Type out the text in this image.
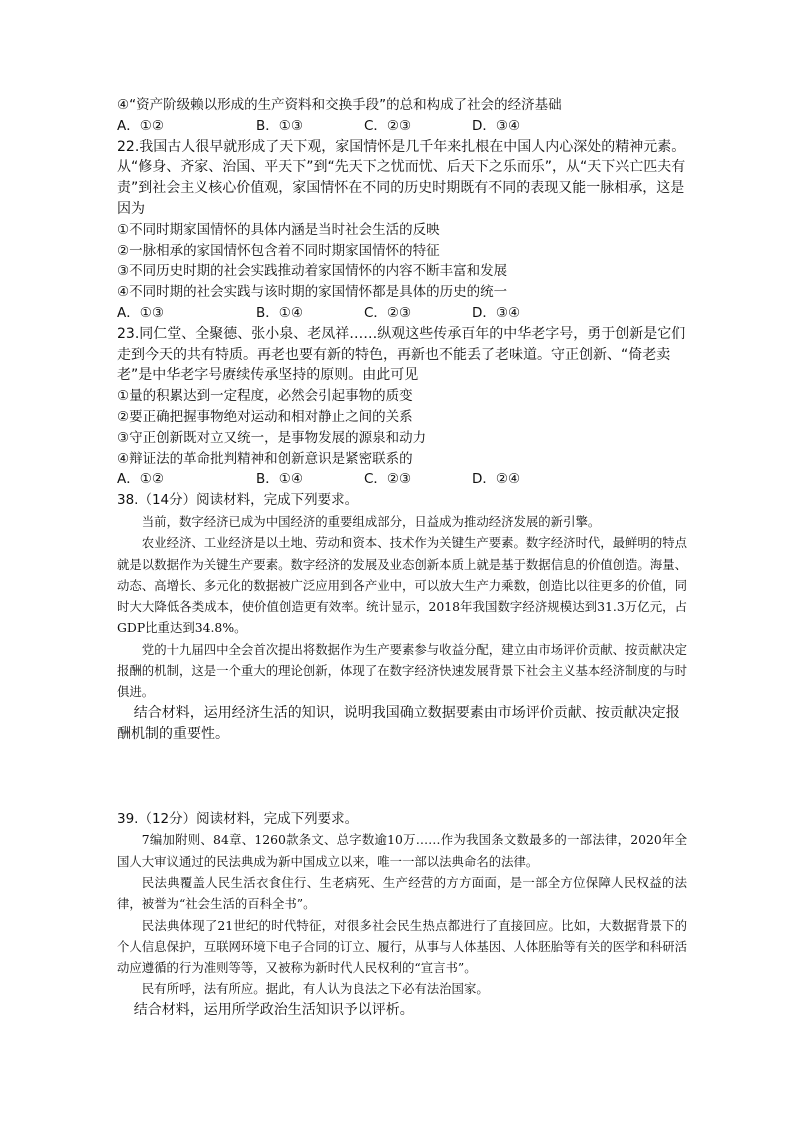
④“资产阶级赖以形成的生产资料和交换手段”的总和构成了社会的经济基础
A．①②	B．①③	C．②③	D．③④
22.我国古人很早就形成了天下观，家国情怀是几千年来扎根在中国人内心深处的精神元素。从“修身、齐家、治国、平天下”到“先天下之忧而忧、后天下之乐而乐”，从“天下兴亡匹夫有责”到社会主义核心价值观，家国情怀在不同的历史时期既有不同的表现又能一脉相承，这是因为
①不同时期家国情怀的具体内涵是当时社会生活的反映
②一脉相承的家国情怀包含着不同时期家国情怀的特征
③不同历史时期的社会实践推动着家国情怀的内容不断丰富和发展
④不同时期的社会实践与该时期的家国情怀都是具体的历史的统一
A．①③	B．①④	C．②③	D．③④
23.同仁堂、全聚德、张小泉、老凤祥……纵观这些传承百年的中华老字号，勇于创新是它们走到今天的共有特质。再老也要有新的特色，再新也不能丢了老味道。守正创新、“倚老卖老”是中华老字号赓续传承坚持的原则。由此可见
①量的积累达到一定程度，必然会引起事物的质变
②要正确把握事物绝对运动和相对静止之间的关系
③守正创新既对立又统一，是事物发展的源泉和动力
④辩证法的革命批判精神和创新意识是紧密联系的
A．①②	B．①④	C．②③	D．②④
38.（14分）阅读材料，完成下列要求。
当前，数字经济已成为中国经济的重要组成部分，日益成为推动经济发展的新引擎。
农业经济、工业经济是以土地、劳动和资本、技术作为关键生产要素。数字经济时代，最鲜明的特点就是以数据作为关键生产要素。数字经济的发展及业态创新本质上就是基于数据信息的价值创造。海量、动态、高增长、多元化的数据被广泛应用到各产业中，可以放大生产力乘数，创造比以往更多的价值，同时大大降低各类成本，使价值创造更有效率。统计显示，2018年我国数字经济规模达到31.3万亿元，占GDP比重达到34.8%。
党的十九届四中全会首次提出将数据作为生产要素参与收益分配，建立由市场评价贡献、按贡献决定报酬的机制，这是一个重大的理论创新，体现了在数字经济快速发展背景下社会主义基本经济制度的与时俱进。
结合材料，运用经济生活的知识，说明我国确立数据要素由市场评价贡献、按贡献决定报酬机制的重要性。
39.（12分）阅读材料，完成下列要求。
7编加附则、84章、1260款条文、总字数逾10万……作为我国条文数最多的一部法律，2020年全国人大审议通过的民法典成为新中国成立以来，唯一一部以法典命名的法律。
民法典覆盖人民生活衣食住行、生老病死、生产经营的方方面面，是一部全方位保障人民权益的法律，被誉为“社会生活的百科全书”。
民法典体现了21世纪的时代特征，对很多社会民生热点都进行了直接回应。比如，大数据背景下的个人信息保护，互联网环境下电子合同的订立、履行，从事与人体基因、人体胚胎等有关的医学和科研活动应遵循的行为准则等等，又被称为新时代人民权利的“宣言书”。
民有所呼，法有所应。据此，有人认为良法之下必有法治国家。
结合材料，运用所学政治生活知识予以评析。
